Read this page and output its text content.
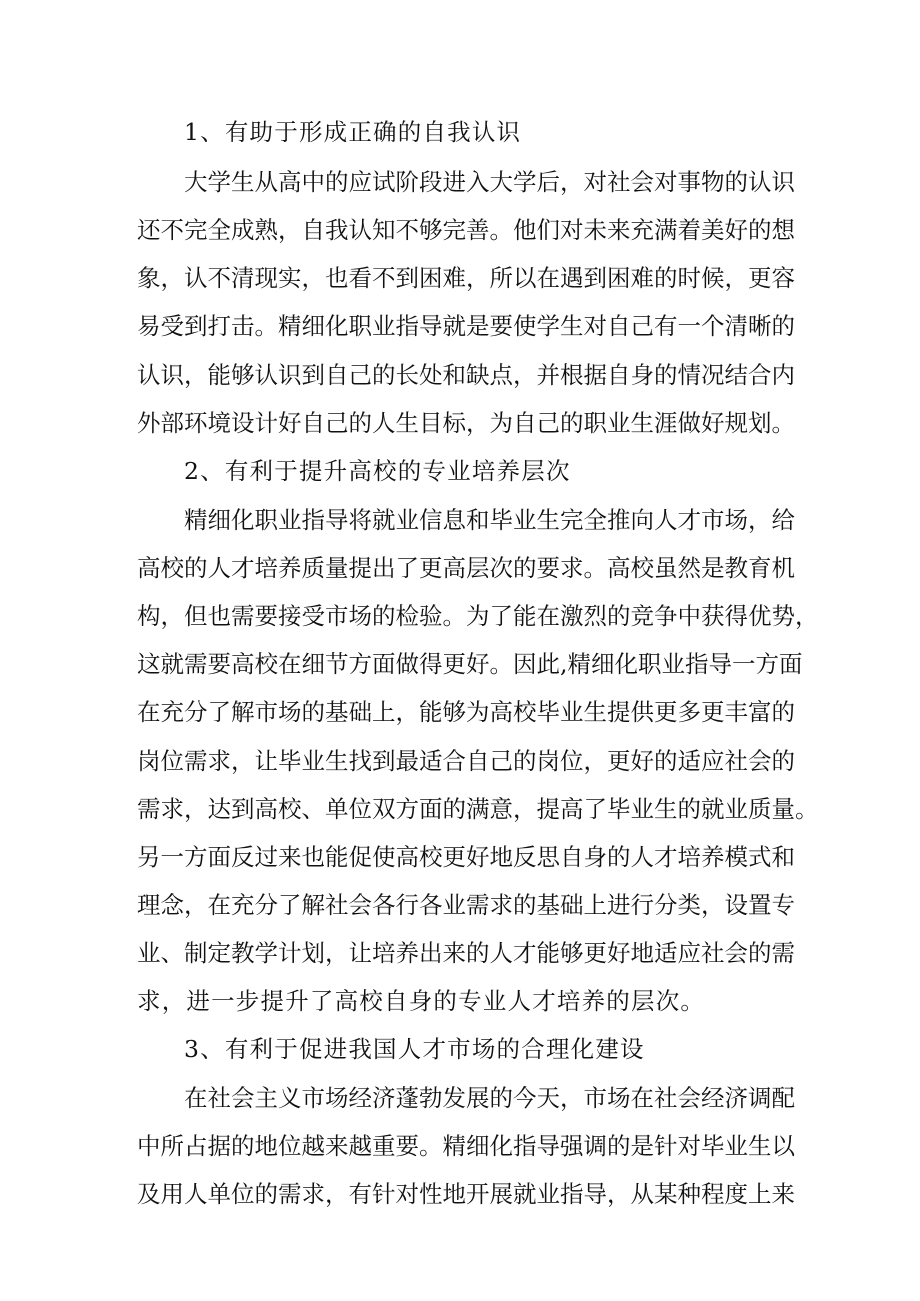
1、有助于形成正确的自我认识
大学生从高中的应试阶段进入大学后，对社会对事物的认识
还不完全成熟，自我认知不够完善。他们对未来充满着美好的想
象，认不清现实，也看不到困难，所以在遇到困难的时候，更容
易受到打击。精细化职业指导就是要使学生对自己有一个清晰的
认识，能够认识到自己的长处和缺点，并根据自身的情况结合内
外部环境设计好自己的人生目标，为自己的职业生涯做好规划。
2、有利于提升高校的专业培养层次
精细化职业指导将就业信息和毕业生完全推向人才市场，给
高校的人才培养质量提出了更高层次的要求。高校虽然是教育机
构，但也需要接受市场的检验。为了能在激烈的竞争中获得优势，
这就需要高校在细节方面做得更好。因此,精细化职业指导一方面
在充分了解市场的基础上，能够为高校毕业生提供更多更丰富的
岗位需求，让毕业生找到最适合自己的岗位，更好的适应社会的
需求，达到高校、单位双方面的满意，提高了毕业生的就业质量。
另一方面反过来也能促使高校更好地反思自身的人才培养模式和
理念，在充分了解社会各行各业需求的基础上进行分类，设置专
业、制定教学计划，让培养出来的人才能够更好地适应社会的需
求，进一步提升了高校自身的专业人才培养的层次。
3、有利于促进我国人才市场的合理化建设
在社会主义市场经济蓬勃发展的今天，市场在社会经济调配
中所占据的地位越来越重要。精细化指导强调的是针对毕业生以
及用人单位的需求，有针对性地开展就业指导，从某种程度上来
